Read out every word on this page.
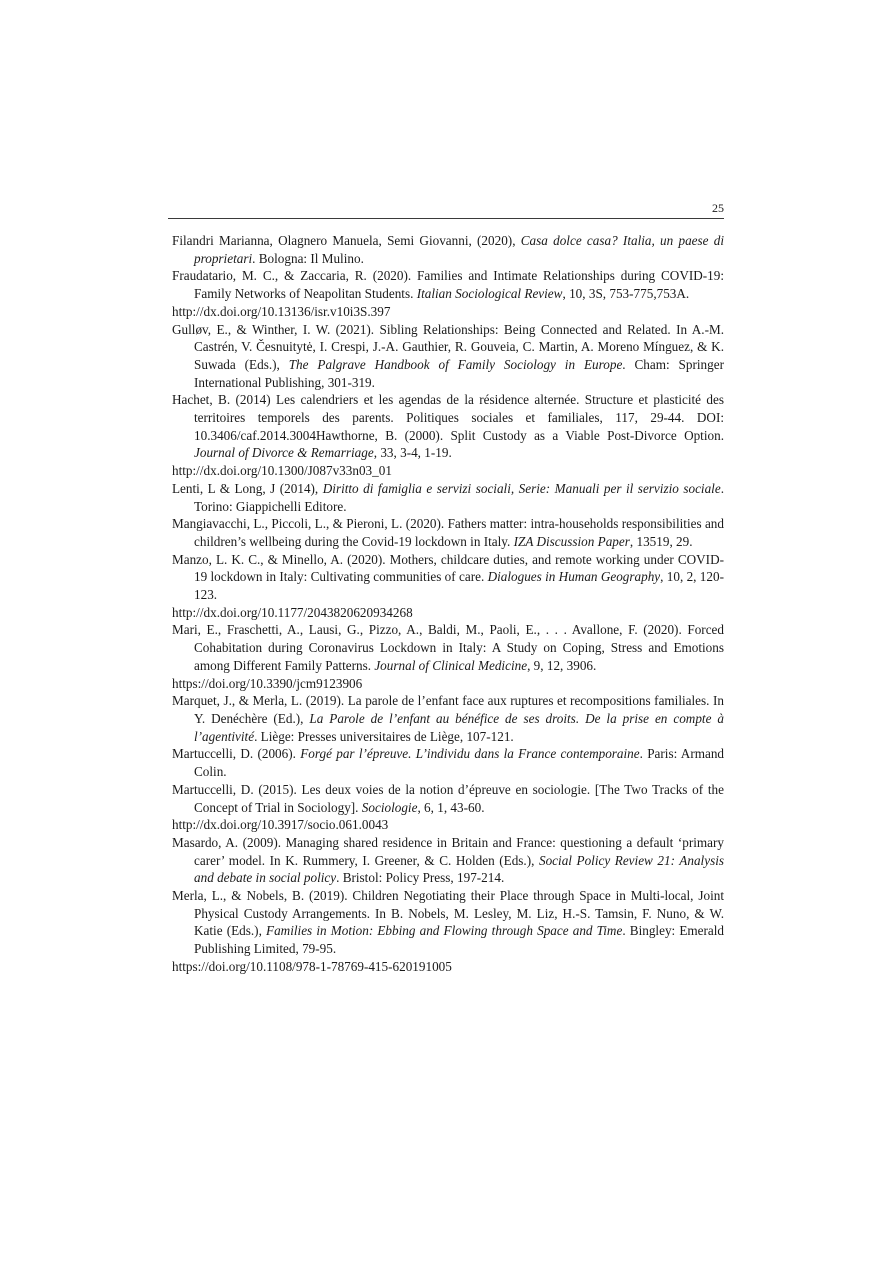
25
Filandri Marianna, Olagnero Manuela, Semi Giovanni, (2020), Casa dolce casa? Italia, un paese di proprietari. Bologna: Il Mulino.
Fraudatario, M. C., & Zaccaria, R. (2020). Families and Intimate Relationships during COVID-19: Family Networks of Neapolitan Students. Italian Sociological Review, 10, 3S, 753-775,753A.
http://dx.doi.org/10.13136/isr.v10i3S.397
Gulløv, E., & Winther, I. W. (2021). Sibling Relationships: Being Connected and Related. In A.-M. Castrén, V. Česnuitytė, I. Crespi, J.-A. Gauthier, R. Gouveia, C. Martin, A. Moreno Mínguez, & K. Suwada (Eds.), The Palgrave Handbook of Family Sociology in Europe. Cham: Springer International Publishing, 301-319.
Hachet, B. (2014) Les calendriers et les agendas de la résidence alternée. Structure et plasticité des territoires temporels des parents. Politiques sociales et familiales, 117, 29-44. DOI: 10.3406/caf.2014.3004Hawthorne, B. (2000). Split Custody as a Viable Post-Divorce Option. Journal of Divorce & Remarriage, 33, 3-4, 1-19.
http://dx.doi.org/10.1300/J087v33n03_01
Lenti, L & Long, J (2014), Diritto di famiglia e servizi sociali, Serie: Manuali per il servizio sociale. Torino: Giappichelli Editore.
Mangiavacchi, L., Piccoli, L., & Pieroni, L. (2020). Fathers matter: intra-households responsibilities and children’s wellbeing during the Covid-19 lockdown in Italy. IZA Discussion Paper, 13519, 29.
Manzo, L. K. C., & Minello, A. (2020). Mothers, childcare duties, and remote working under COVID-19 lockdown in Italy: Cultivating communities of care. Dialogues in Human Geography, 10, 2, 120-123.
http://dx.doi.org/10.1177/2043820620934268
Mari, E., Fraschetti, A., Lausi, G., Pizzo, A., Baldi, M., Paoli, E., . . . Avallone, F. (2020). Forced Cohabitation during Coronavirus Lockdown in Italy: A Study on Coping, Stress and Emotions among Different Family Patterns. Journal of Clinical Medicine, 9, 12, 3906.
https://doi.org/10.3390/jcm9123906
Marquet, J., & Merla, L. (2019). La parole de l’enfant face aux ruptures et recompositions familiales. In Y. Denéchère (Ed.), La Parole de l’enfant au bénéfice de ses droits. De la prise en compte à l’agentivité. Liège: Presses universitaires de Liège, 107-121.
Martuccelli, D. (2006). Forgé par l’épreuve. L’individu dans la France contemporaine. Paris: Armand Colin.
Martuccelli, D. (2015). Les deux voies de la notion d’épreuve en sociologie. [The Two Tracks of the Concept of Trial in Sociology]. Sociologie, 6, 1, 43-60.
http://dx.doi.org/10.3917/socio.061.0043
Masardo, A. (2009). Managing shared residence in Britain and France: questioning a default ‘primary carer’ model. In K. Rummery, I. Greener, & C. Holden (Eds.), Social Policy Review 21: Analysis and debate in social policy. Bristol: Policy Press, 197-214.
Merla, L., & Nobels, B. (2019). Children Negotiating their Place through Space in Multi-local, Joint Physical Custody Arrangements. In B. Nobels, M. Lesley, M. Liz, H.-S. Tamsin, F. Nuno, & W. Katie (Eds.), Families in Motion: Ebbing and Flowing through Space and Time. Bingley: Emerald Publishing Limited, 79-95.
https://doi.org/10.1108/978-1-78769-415-620191005
